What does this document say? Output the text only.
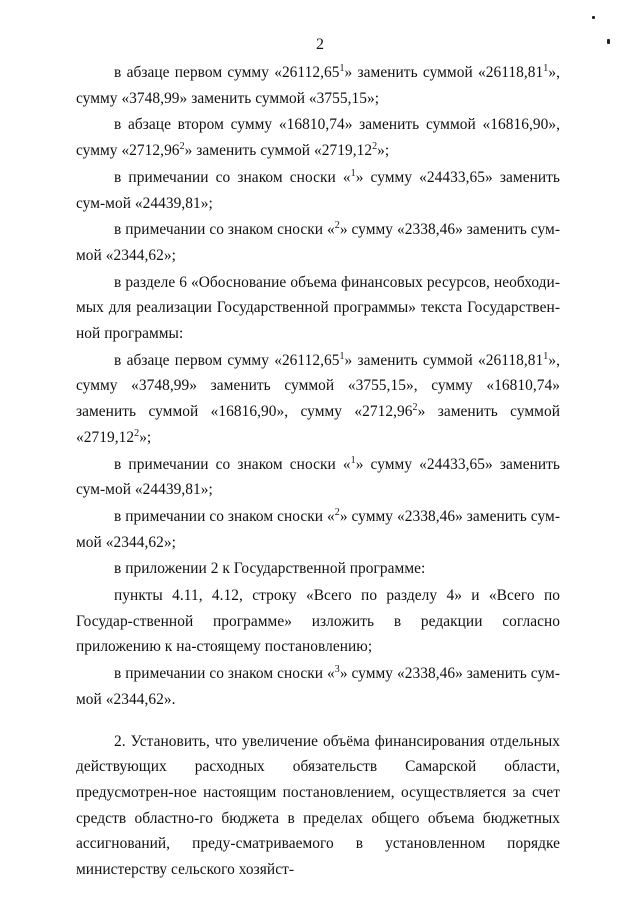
2

в абзаце первом сумму «26112,65$^1$» заменить суммой «26118,81$^1$», сумму «3748,99» заменить суммой «3755,15»;

в абзаце втором сумму «16810,74» заменить суммой «16816,90», сумму «2712,96$^2$» заменить суммой «2719,12$^2$»;

в примечании со знаком сноски «$^1$» сумму «24433,65» заменить сум-мой «24439,81»;

в примечании со знаком сноски «$^2$» сумму «2338,46» заменить сум-мой «2344,62»;

в разделе 6 «Обоснование объема финансовых ресурсов, необходи-мых для реализации Государственной программы» текста Государствен-ной программы:

в абзаце первом сумму «26112,65$^1$» заменить суммой «26118,81$^1$», сумму «3748,99» заменить суммой «3755,15», сумму «16810,74» заменить суммой «16816,90», сумму «2712,96$^2$» заменить суммой «2719,12$^2$»;

в примечании со знаком сноски «$^1$» сумму «24433,65» заменить сум-мой «24439,81»;

в примечании со знаком сноски «$^2$» сумму «2338,46» заменить сум-мой «2344,62»;

в приложении 2 к Государственной программе:

пункты 4.11, 4.12, строку «Всего по разделу 4» и «Всего по Государ-ственной программе» изложить в редакции согласно приложению к на-стоящему постановлению;

в примечании со знаком сноски «$^3$» сумму «2338,46» заменить сум-мой «2344,62».

2. Установить, что увеличение объёма финансирования отдельных действующих расходных обязательств Самарской области, предусмотрен-ное настоящим постановлением, осуществляется за счет средств областно-го бюджета в пределах общего объема бюджетных ассигнований, преду-сматриваемого в установленном порядке министерству сельского хозяйст-
